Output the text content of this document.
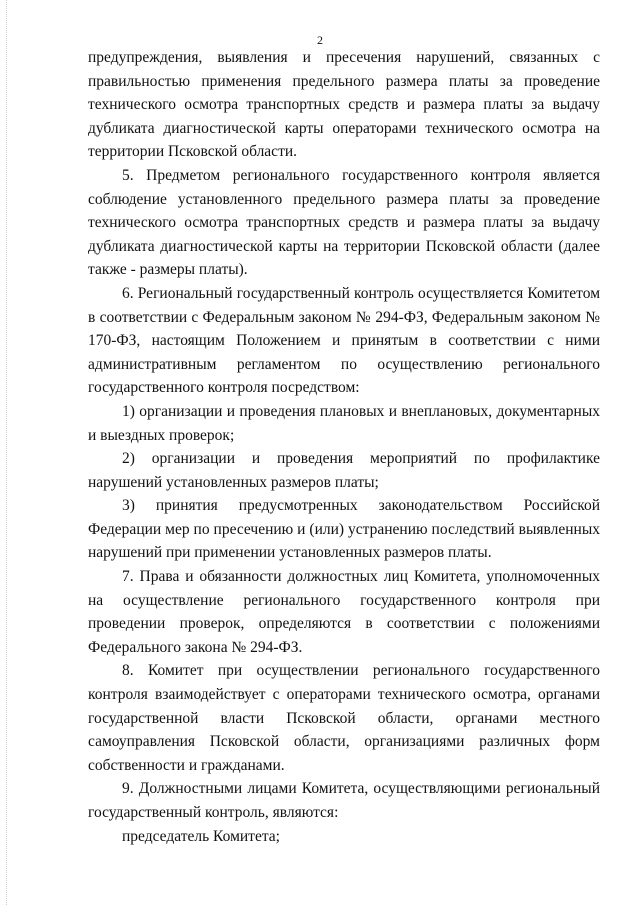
2

предупреждения, выявления и пресечения нарушений, связанных с правильностью применения предельного размера платы за проведение технического осмотра транспортных средств и размера платы за выдачу дубликата диагностической карты операторами технического осмотра на территории Псковской области.

5. Предметом регионального государственного контроля является соблюдение установленного предельного размера платы за проведение технического осмотра транспортных средств и размера платы за выдачу дубликата диагностической карты на территории Псковской области (далее также - размеры платы).

6. Региональный государственный контроль осуществляется Комитетом в соответствии с Федеральным законом № 294-ФЗ, Федеральным законом № 170-ФЗ, настоящим Положением и принятым в соответствии с ними административным регламентом по осуществлению регионального государственного контроля посредством:

1) организации и проведения плановых и внеплановых, документарных и выездных проверок;

2) организации и проведения мероприятий по профилактике нарушений установленных размеров платы;

3) принятия предусмотренных законодательством Российской Федерации мер по пресечению и (или) устранению последствий выявленных нарушений при применении установленных размеров платы.

7. Права и обязанности должностных лиц Комитета, уполномоченных на осуществление регионального государственного контроля при проведении проверок, определяются в соответствии с положениями Федерального закона № 294-ФЗ.

8. Комитет при осуществлении регионального государственного контроля взаимодействует с операторами технического осмотра, органами государственной власти Псковской области, органами местного самоуправления Псковской области, организациями различных форм собственности и гражданами.

9. Должностными лицами Комитета, осуществляющими региональный государственный контроль, являются:

председатель Комитета;
